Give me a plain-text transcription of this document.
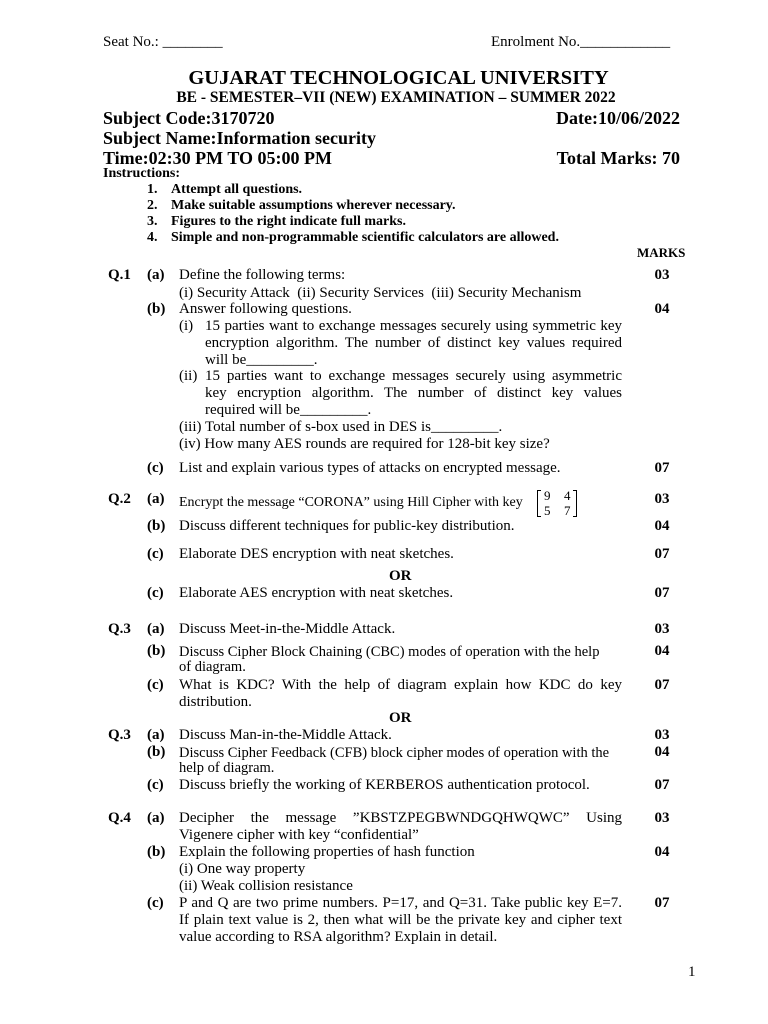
Seat No.: ________	Enrolment No.____________
GUJARAT TECHNOLOGICAL UNIVERSITY
BE - SEMESTER–VII (NEW) EXAMINATION – SUMMER 2022
Subject Code:3170720	Date:10/06/2022
Subject Name:Information security
Time:02:30 PM TO 05:00 PM	Total Marks: 70
Instructions:
1. Attempt all questions.
2. Make suitable assumptions wherever necessary.
3. Figures to the right indicate full marks.
4. Simple and non-programmable scientific calculators are allowed.
MARKS
Q.1 (a) Define the following terms:	03
(i) Security Attack  (ii) Security Services  (iii) Security Mechanism
(b) Answer following questions.	04
(i) 15 parties want to exchange messages securely using symmetric key
encryption algorithm. The number of distinct key values required
will be_________.
(ii) 15 parties want to exchange messages securely using asymmetric
key encryption algorithm. The number of distinct key values
required will be_________.
(iii) Total number of s-box used in DES is_________.
(iv) How many AES rounds are required for 128-bit key size?
(c) List and explain various types of attacks on encrypted message.	07
Q.2 (a) Encrypt the message “CORONA” using Hill Cipher with key 9 4
5 7
03
(b) Discuss different techniques for public-key distribution.	04
(c) Elaborate DES encryption with neat sketches.	07
OR
(c) Elaborate AES encryption with neat sketches.	07
Q.3 (a) Discuss Meet-in-the-Middle Attack.	03
(b) Discuss Cipher Block Chaining (CBC) modes of operation with the help
of diagram.
04
(c) What is KDC? With the help of diagram explain how KDC do key
distribution.
07
OR
Q.3 (a) Discuss Man-in-the-Middle Attack.	03
(b) Discuss Cipher Feedback (CFB) block cipher modes of operation with the
help of diagram.
04
(c) Discuss briefly the working of KERBEROS authentication protocol.	07
Q.4 (a) Decipher the message ”KBSTZPEGBWNDGQHWQWC” Using
Vigenere cipher with key “confidential”
03
(b) Explain the following properties of hash function	04
(i) One way property
(ii) Weak collision resistance
(c) P and Q are two prime numbers. P=17, and Q=31. Take public key E=7.
If plain text value is 2, then what will be the private key and cipher text
value according to RSA algorithm? Explain in detail.
07
1
